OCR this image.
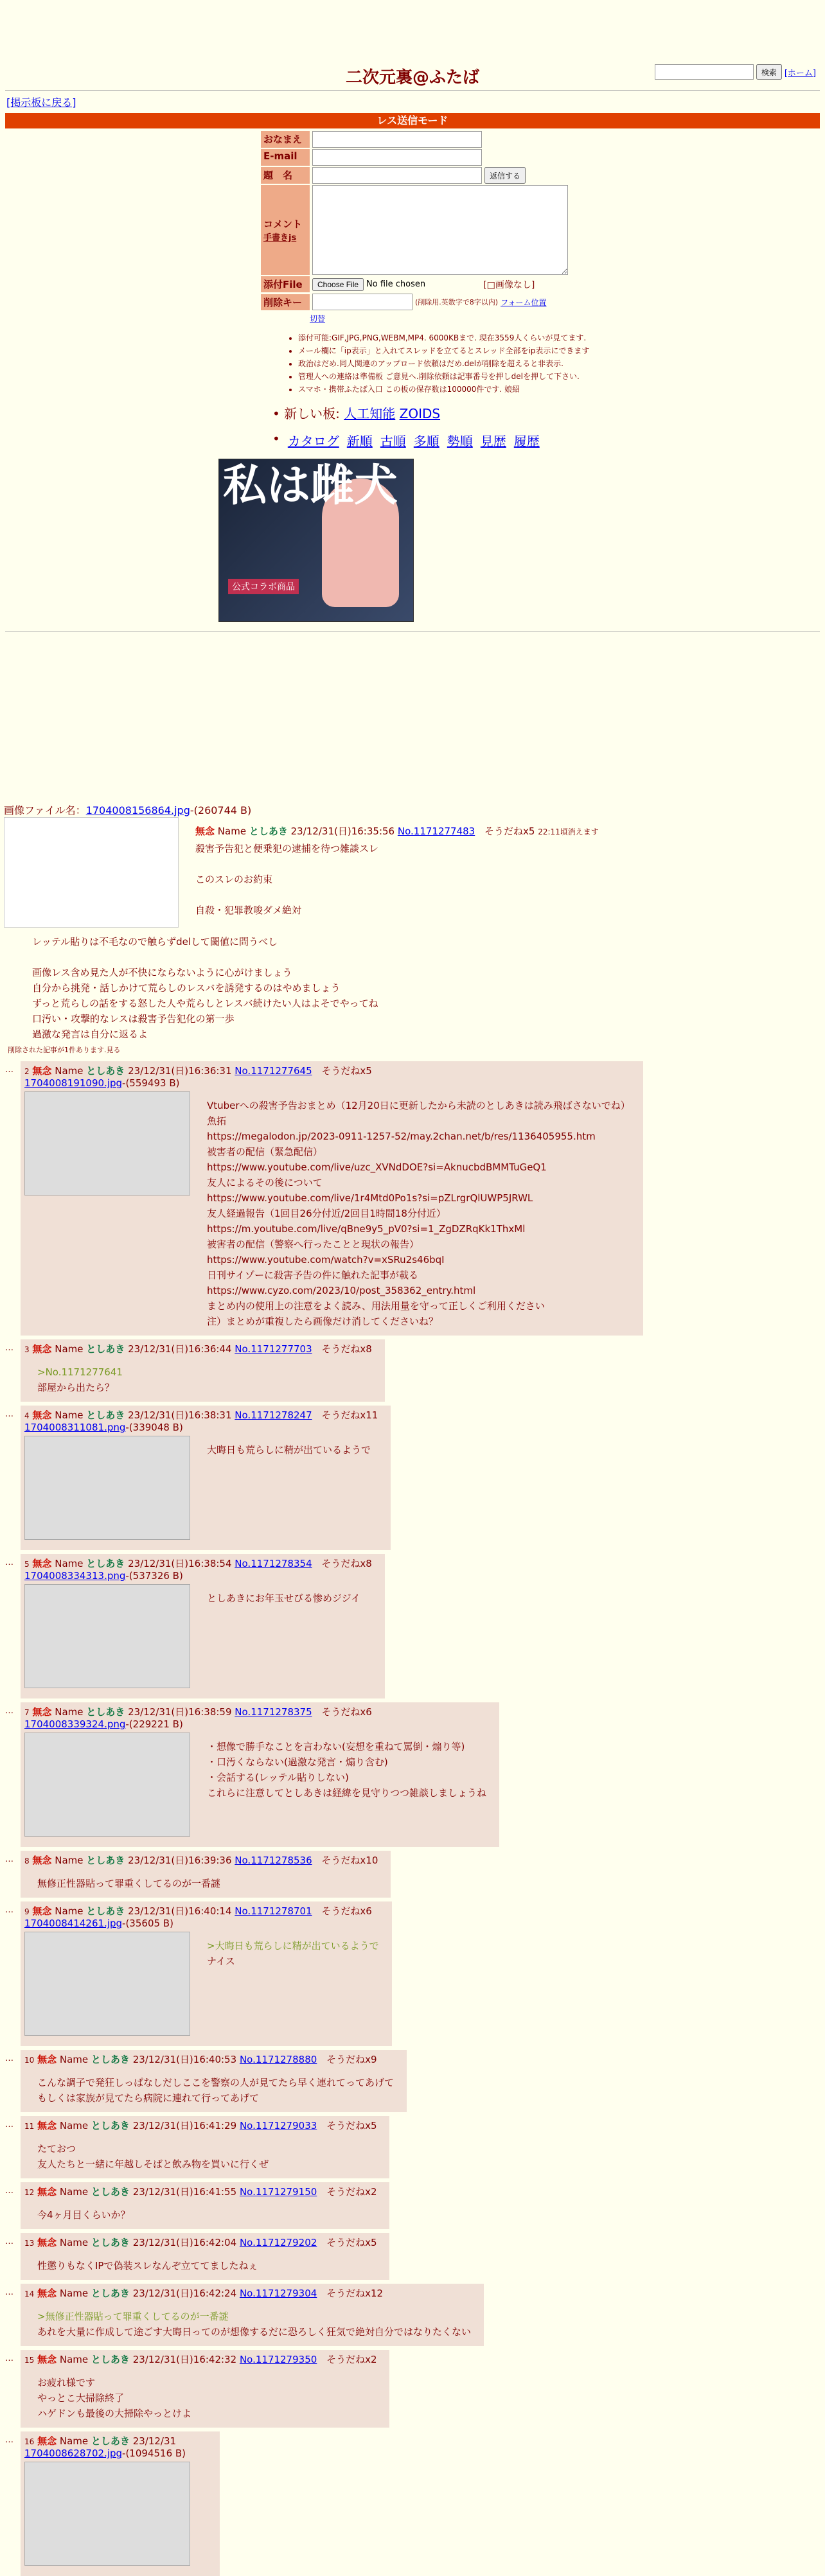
二次元裏@ふたば	検索 [ホーム]
[掲示板に戻る]
レス送信モード
おなまえ
E-mail
題　名	返信する
コメント
手書きjs
添付File	Choose File No file chosen	[□画像なし]
削除キー	(削除用.英数字で8字以内) フォーム位置
切替
• 添付可能:GIF,JPG,PNG,WEBM,MP4. 6000KBまで. 現在3559人くらいが見てます.
• メール欄に「ip表示」と入れてスレッドを立てるとスレッド全部をip表示にできます
• 政治はだめ.同人関連のアップロード依頼はだめ.delが削除を超えると非表示.
• 管理人への連絡は準備板 ご意見へ.削除依頼は記事番号を押しdelを押して下さい.
• スマホ・携帯ふたば入口 この板の保存数は100000件です. 娘紹
• 新しい板: 人工知能 ZOIDS
• カタログ 新順 古順 多順 勢順 見歴 履歴
私は雌犬
公式コラボ商品
画像ファイル名：1704008156864.jpg-(260744 B)
無念 Name としあき 23/12/31(日)16:35:56 No.1171277483 そうだねx5 22:11頃消えます
殺害予告犯と便乗犯の逮捕を待つ雑談スレ

このスレのお約束

自殺・犯罪教唆ダメ絶対
レッテル貼りは不毛なので触らずdelして閾値に問うべし

画像レス含め見た人が不快にならないように心がけましょう
自分から挑発・話しかけて荒らしのレスバを誘発するのはやめましょう
ずっと荒らしの話をする怒した人や荒らしとレスバ続けたい人はよそでやってね
口汚い・攻撃的なレスは殺害予告犯化の第一歩
過激な発言は自分に返るよ
削除された記事が1件あります.見る
…	2 無念 Name としあき 23/12/31(日)16:36:31 No.1171277645 そうだねx5
1704008191090.jpg-(559493 B)
Vtuberへの殺害予告おまとめ（12月20日に更新したから未読のとしあきは読み飛ばさないでね）
魚拓
https://megalodon.jp/2023-0911-1257-52/may.2chan.net/b/res/1136405955.htm
被害者の配信（緊急配信）
https://www.youtube.com/live/uzc_XVNdDOE?si=AknucbdBMMTuGeQ1
友人によるその後について
https://www.youtube.com/live/1r4Mtd0Po1s?si=pZLrgrQlUWP5JRWL
友人経過報告（1回目26分付近/2回目1時間18分付近）
https://m.youtube.com/live/qBne9y5_pV0?si=1_ZgDZRqKk1ThxMl
被害者の配信（警察へ行ったことと現状の報告）
https://www.youtube.com/watch?v=xSRu2s46bqI
日刊サイゾーに殺害予告の件に触れた記事が載る
https://www.cyzo.com/2023/10/post_358362_entry.html
まとめ内の使用上の注意をよく読み、用法用量を守って正しくご利用ください
注）まとめが重複したら画像だけ消してくださいね？
…	3 無念 Name としあき 23/12/31(日)16:36:44 No.1171277703 そうだねx8
>No.1171277641
部屋から出たら？
…	4 無念 Name としあき 23/12/31(日)16:38:31 No.1171278247 そうだねx11
1704008311081.png-(339048 B)
大晦日も荒らしに精が出ているようで
…	5 無念 Name としあき 23/12/31(日)16:38:54 No.1171278354 そうだねx8
1704008334313.png-(537326 B)
としあきにお年玉せびる惨めジジイ
…	7 無念 Name としあき 23/12/31(日)16:38:59 No.1171278375 そうだねx6
1704008339324.png-(229221 B)
・想像で勝手なことを言わない(妄想を重ねて罵倒・煽り等)
・口汚くならない(過激な発言・煽り含む)
・会話する(レッテル貼りしない)
これらに注意してとしあきは経緯を見守りつつ雑談しましょうね
…	8 無念 Name としあき 23/12/31(日)16:39:36 No.1171278536 そうだねx10
無修正性器貼って罪重くしてるのが一番謎
…	9 無念 Name としあき 23/12/31(日)16:40:14 No.1171278701 そうだねx6
1704008414261.jpg-(35605 B)
>大晦日も荒らしに精が出ているようで
ナイス
…	10 無念 Name としあき 23/12/31(日)16:40:53 No.1171278880 そうだねx9
こんな調子で発狂しっぱなしだしここを警察の人が見てたら早く連れてってあげて
もしくは家族が見てたら病院に連れて行ってあげて
…	11 無念 Name としあき 23/12/31(日)16:41:29 No.1171279033 そうだねx5
たておつ
友人たちと一緒に年越しそばと飲み物を買いに行くぜ
…	12 無念 Name としあき 23/12/31(日)16:41:55 No.1171279150 そうだねx2
今4ヶ月目くらいか？
…	13 無念 Name としあき 23/12/31(日)16:42:04 No.1171279202 そうだねx5
性懲りもなくIPで偽装スレなんぞ立ててましたねぇ
…	14 無念 Name としあき 23/12/31(日)16:42:24 No.1171279304 そうだねx12
>無修正性器貼って罪重くしてるのが一番謎
あれを大量に作成して途ごす大晦日ってのが想像するだに恐ろしく狂気で絶対自分ではなりたくない
…	15 無念 Name としあき 23/12/31(日)16:42:32 No.1171279350 そうだねx2
お疲れ様です
やっとこ大掃除終了
ハゲドンも最後の大掃除やっとけよ
…	16 無念 Name としあき 23/12/31
1704008628702.jpg-(1094516 B)
